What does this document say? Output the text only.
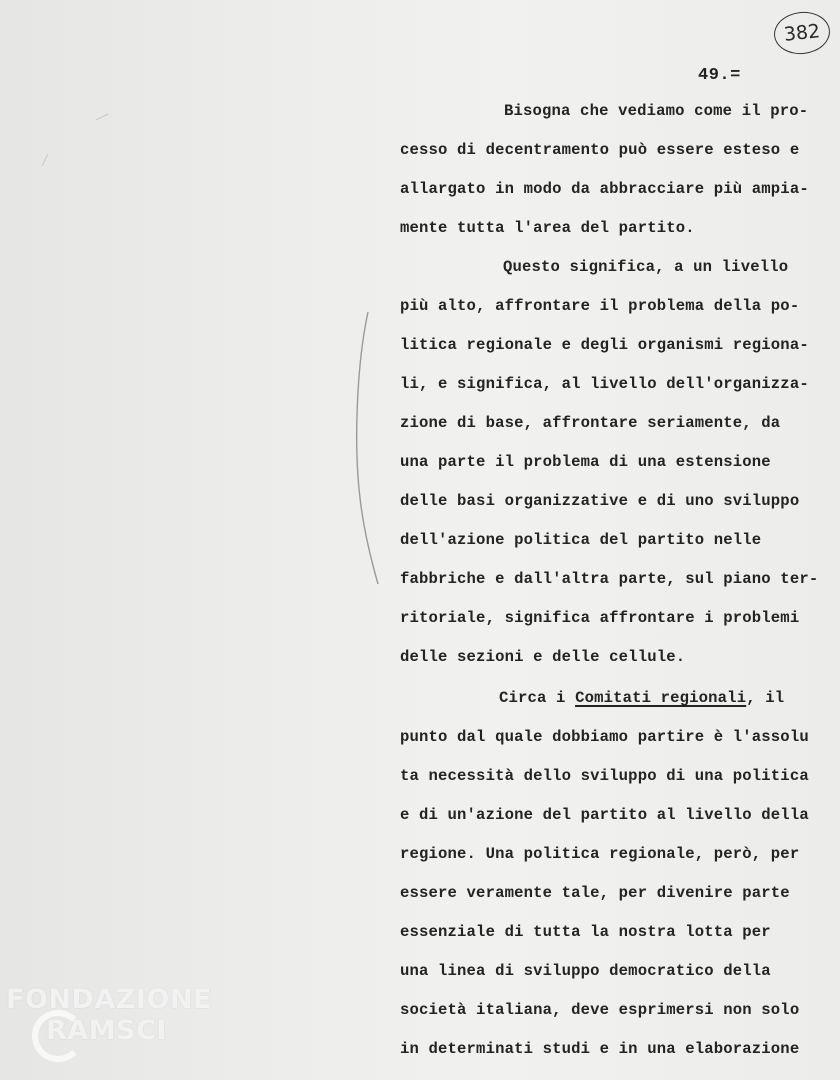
382
49.=
Bisogna che vediamo come il pro-
cesso di decentramento può essere esteso e
allargato in modo da abbracciare più ampia-
mente tutta l'area del partito.
Questo significa, a un livello
più alto, affrontare il problema della po-
litica regionale e degli organismi regiona-
li, e significa, al livello dell'organizza-
zione di base, affrontare seriamente, da
una parte il problema di una estensione
delle basi organizzative e di uno sviluppo
dell'azione politica del partito nelle
fabbriche e dall'altra parte, sul piano ter-
ritoriale, significa affrontare i problemi
delle sezioni e delle cellule.
Circa i Comitati regionali, il
punto dal quale dobbiamo partire è l'assolu
ta necessità dello sviluppo di una politica
e di un'azione del partito al livello della
regione. Una politica regionale, però, per
essere veramente tale, per divenire parte
essenziale di tutta la nostra lotta per
una linea di sviluppo democratico della
società italiana, deve esprimersi non solo
in determinati studi e in una elaborazione
FONDAZIONE
RAMSCI
